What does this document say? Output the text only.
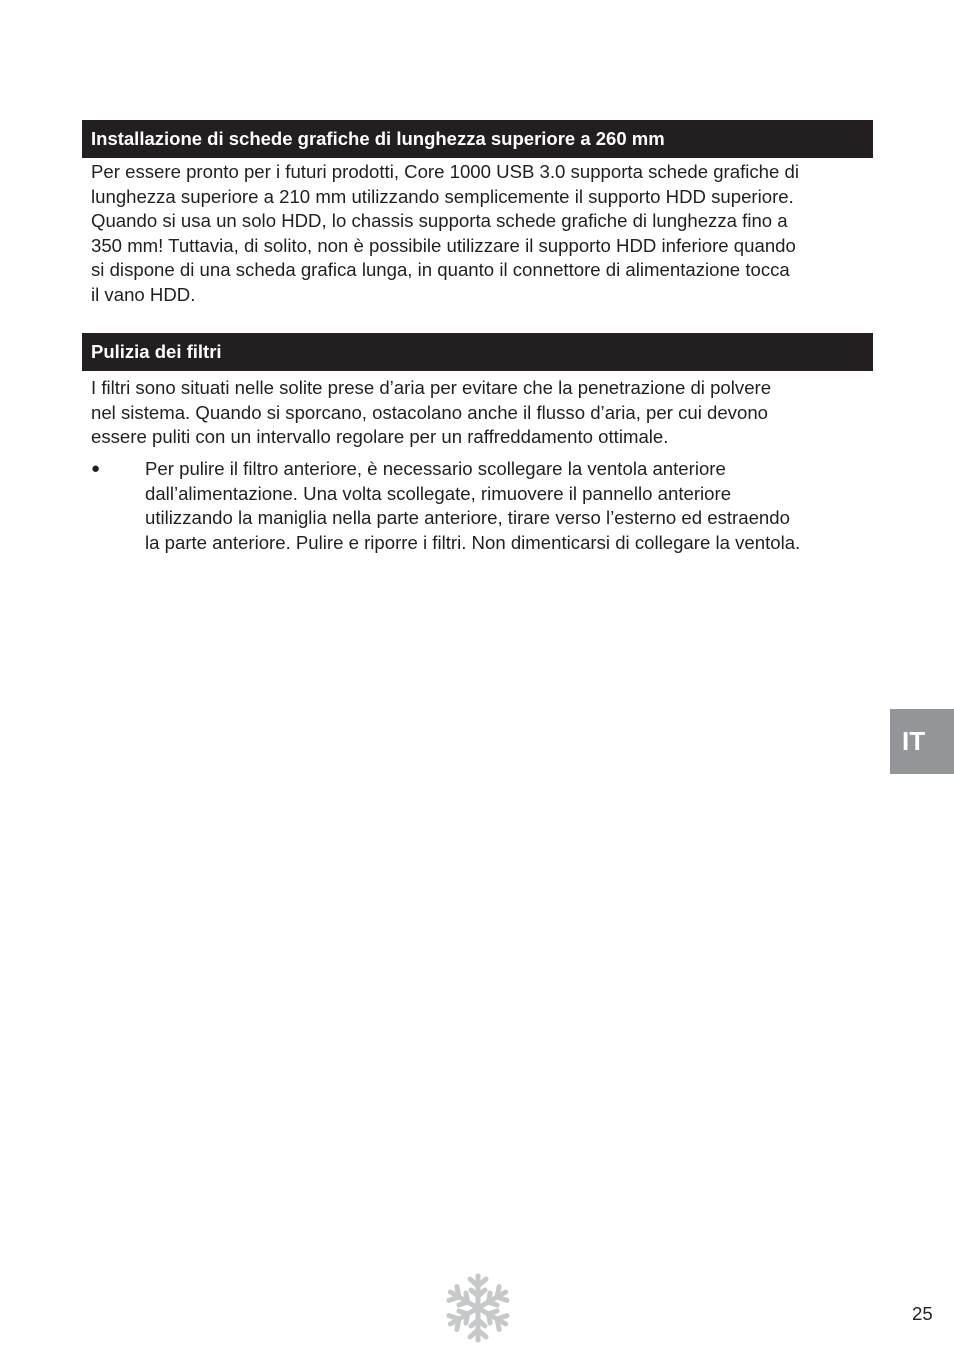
Installazione di schede grafiche di lunghezza superiore a 260 mm

Per essere pronto per i futuri prodotti, Core 1000 USB 3.0 supporta schede grafiche di
lunghezza superiore a 210 mm utilizzando semplicemente il supporto HDD superiore.
Quando si usa un solo HDD, lo chassis supporta schede grafiche di lunghezza fino a
350 mm! Tuttavia, di solito, non è possibile utilizzare il supporto HDD inferiore quando
si dispone di una scheda grafica lunga, in quanto il connettore di alimentazione tocca
il vano HDD.

Pulizia dei filtri

I filtri sono situati nelle solite prese d’aria per evitare che la penetrazione di polvere
nel sistema. Quando si sporcano, ostacolano anche il flusso d’aria, per cui devono
essere puliti con un intervallo regolare per un raffreddamento ottimale.

● Per pulire il filtro anteriore, è necessario scollegare la ventola anteriore
dall’alimentazione. Una volta scollegate, rimuovere il pannello anteriore
utilizzando la maniglia nella parte anteriore, tirare verso l’esterno ed estraendo
la parte anteriore. Pulire e riporre i filtri. Non dimenticarsi di collegare la ventola.

IT
25
